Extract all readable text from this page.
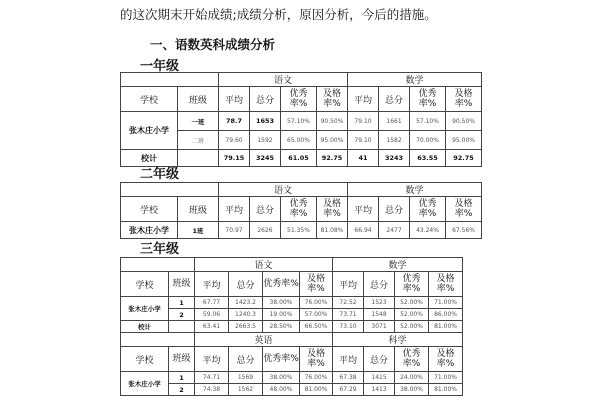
的这次期末开始成绩;成绩分析，原因分析，今后的措施。
一、语数英科成绩分析
一年级
		语文				数学			
学校	班级	平均	总分	优秀率%	及格率%	平均	总分	优秀率%	及格率%
张木庄小学	一班	78.7	1653	57.10%	90.50%	79.10	1661	57.10%	90.50%
	二班	79.60	1592	65.00%	95.00%	79.10	1582	70.00%	95.00%
校计		79.15	3245	61.05	92.75	41	3243	63.55	92.75
二年级
		语文				数学			
学校	班级	平均	总分	优秀率%	及格率%	平均	总分	优秀率%	及格率%
张木庄小学	1班	70.97	2626	51.35%	81.08%	66.94	2477	43.24%	67.56%
三年级
		语文				数学			
学校	班级	平均	总分	优秀率%	及格率%	平均	总分	优秀率%	及格率%
张木庄小学	1	67.77	1423.2	38.00%	76.00%	72.52	1523	52.00%	71.00%
	2	59.06	1240.3	19.00%	57.00%	73.71	1548	52.00%	86.00%
校计		63.41	2663.5	28.50%	66.50%	73.10	3071	52.00%	81.00%
		英语				科学			
学校	班级	平均	总分	优秀率%	及格率%	平均	总分	优秀率%	及格率%
张木庄小学	1	74.71	1569	38.00%	76.00%	67.38	1415	24.00%	71.00%
	2	74.38	1562	48.00%	81.00%	67.29	1413	38.00%	81.00%
